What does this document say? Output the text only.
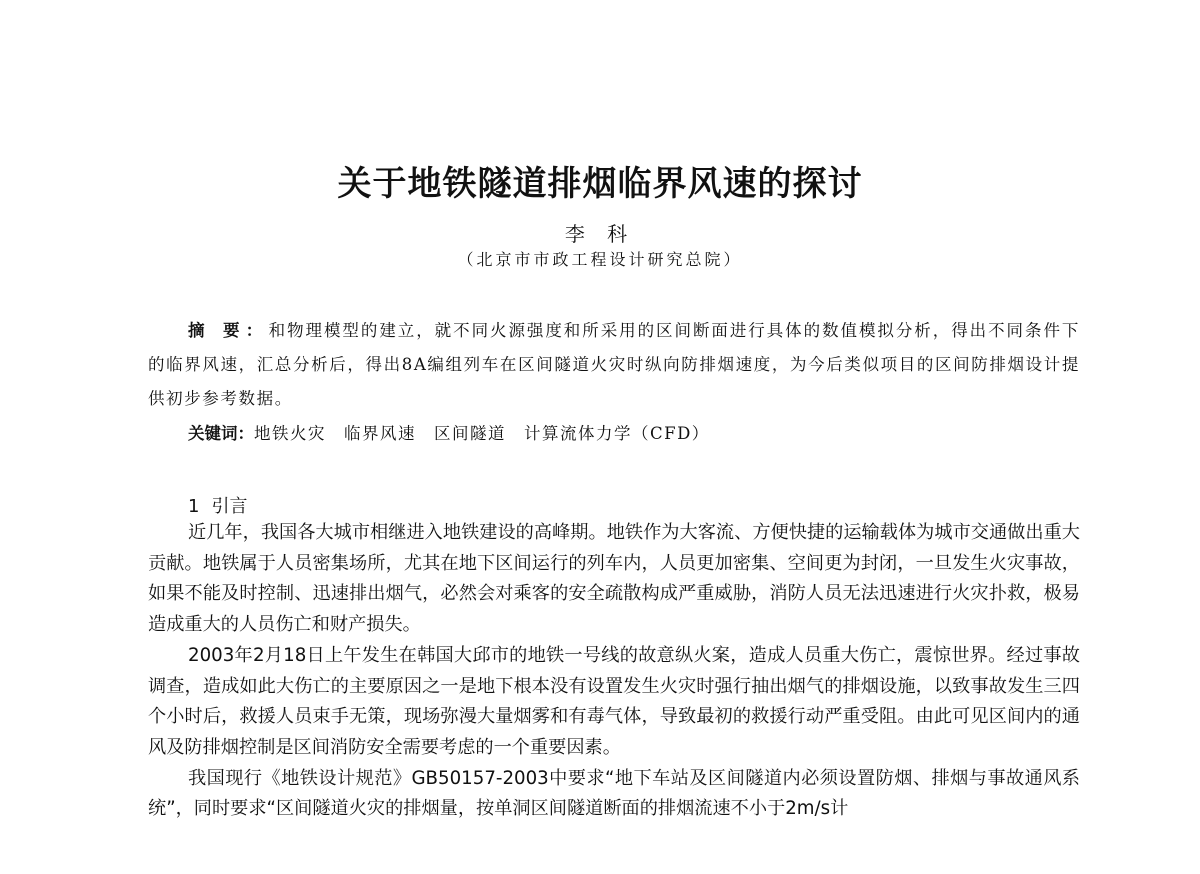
关于地铁隧道排烟临界风速的探讨
李 科
（北京市市政工程设计研究总院）
摘 要：和物理模型的建立，就不同火源强度和所采用的区间断面进行具体的数值模拟分析，得出不同条件下的临界风速，汇总分析后，得出8A编组列车在区间隧道火灾时纵向防排烟速度，为今后类似项目的区间防排烟设计提供初步参考数据。
关键词：地铁火灾 临界风速 区间隧道 计算流体力学（CFD）
1 引言

近几年，我国各大城市相继进入地铁建设的高峰期。地铁作为大客流、方便快捷的运输载体为城市交通做出重大贡献。地铁属于人员密集场所，尤其在地下区间运行的列车内，人员更加密集、空间更为封闭，一旦发生火灾事故，如果不能及时控制、迅速排出烟气，必然会对乘客的安全疏散构成严重威胁，消防人员无法迅速进行火灾扑救，极易造成重大的人员伤亡和财产损失。

2003年2月18日上午发生在韩国大邱市的地铁一号线的故意纵火案，造成人员重大伤亡，震惊世界。经过事故调查，造成如此大伤亡的主要原因之一是地下根本没有设置发生火灾时强行抽出烟气的排烟设施，以致事故发生三四个小时后，救援人员束手无策，现场弥漫大量烟雾和有毒气体，导致最初的救援行动严重受阻。由此可见区间内的通风及防排烟控制是区间消防安全需要考虑的一个重要因素。

我国现行《地铁设计规范》GB50157-2003中要求“地下车站及区间隧道内必须设置防烟、排烟与事故通风系统”，同时要求“区间隧道火灾的排烟量，按单洞区间隧道断面的排烟流速不小于2m/s计
